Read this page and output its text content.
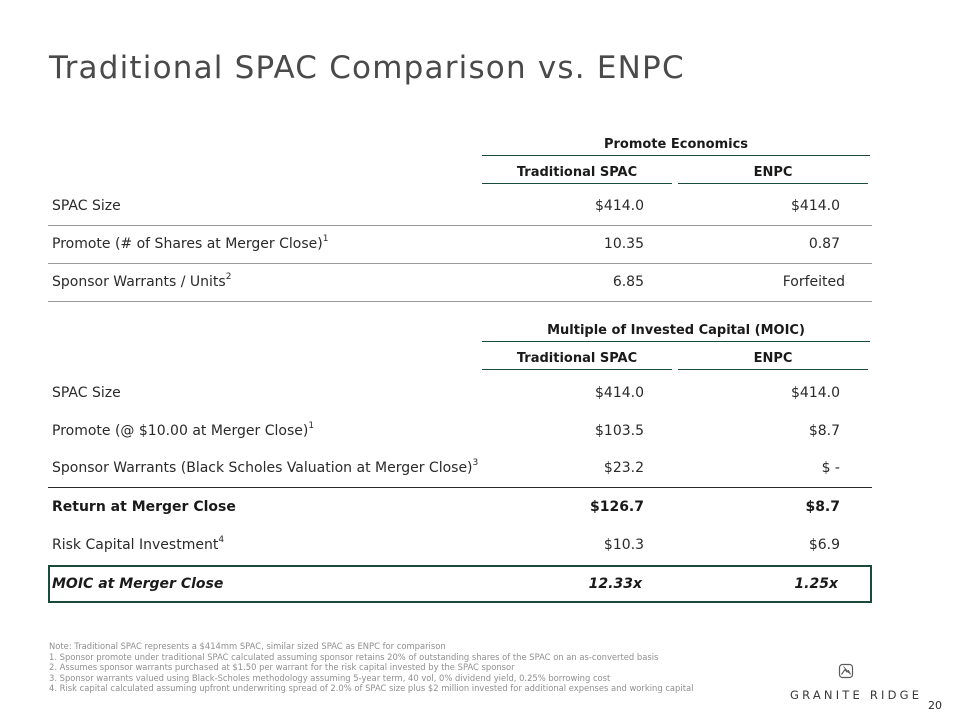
Traditional SPAC Comparison vs. ENPC
Promote Economics
Traditional SPAC	ENPC
SPAC Size	$414.0	$414.0
Promote (# of Shares at Merger Close)$^1$	10.35	0.87
Sponsor Warrants / Units$^2$	6.85	Forfeited
Multiple of Invested Capital (MOIC)
Traditional SPAC	ENPC
SPAC Size	$414.0	$414.0
Promote (@ $10.00 at Merger Close)$^1$	$103.5	$8.7
Sponsor Warrants (Black Scholes Valuation at Merger Close)$^3$	$23.2	$ -
Return at Merger Close	$126.7	$8.7
Risk Capital Investment$^4$	$10.3	$6.9
MOIC at Merger Close	12.33x	1.25x
Note: Traditional SPAC represents a $414mm SPAC, similar sized SPAC as ENPC for comparison
1. Sponsor promote under traditional SPAC calculated assuming sponsor retains 20% of outstanding shares of the SPAC on an as-converted basis
2. Assumes sponsor warrants purchased at $1.50 per warrant for the risk capital invested by the SPAC sponsor
3. Sponsor warrants valued using Black-Scholes methodology assuming 5-year term, 40 vol, 0% dividend yield, 0.25% borrowing cost
4. Risk capital calculated assuming upfront underwriting spread of 2.0% of SPAC size plus $2 million invested for additional expenses and working capital	GRANITE RIDGE
20
